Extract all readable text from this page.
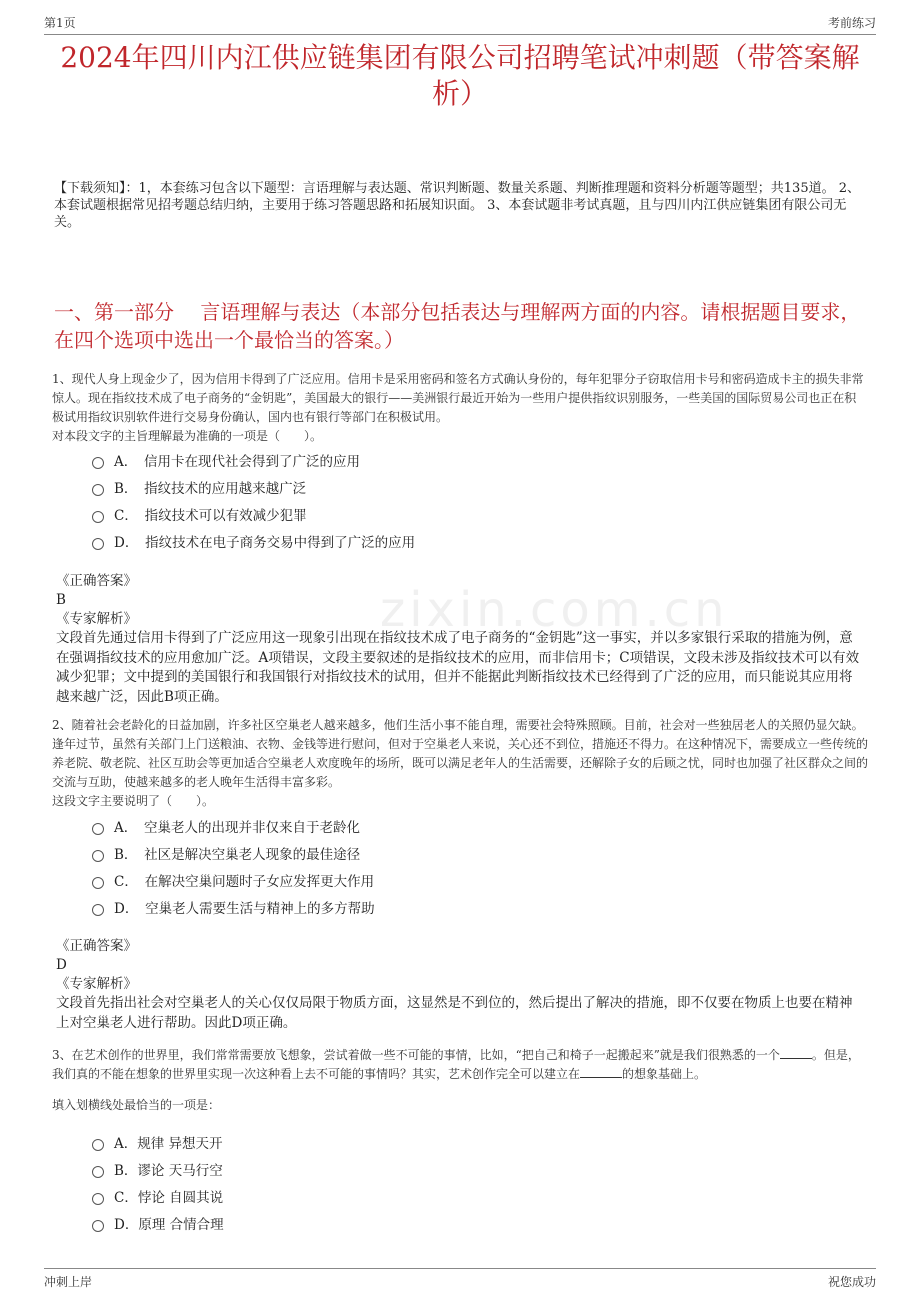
第1页	考前练习
2024年四川内江供应链集团有限公司招聘笔试冲刺题（带答案解析）
【下载须知】：1，本套练习包含以下题型：言语理解与表达题、常识判断题、数量关系题、判断推理题和资料分析题等题型；共135道。 2、本套试题根据常见招考题总结归纳，主要用于练习答题思路和拓展知识面。 3、本套试题非考试真题，且与四川内江供应链集团有限公司无关。
一、第一部分　 言语理解与表达（本部分包括表达与理解两方面的内容。请根据题目要求，在四个选项中选出一个最恰当的答案。）
zixin.com.cn
1、现代人身上现金少了，因为信用卡得到了广泛应用。信用卡是采用密码和签名方式确认身份的，每年犯罪分子窃取信用卡号和密码造成卡主的损失非常惊人。现在指纹技术成了电子商务的“金钥匙”，美国最大的银行——美洲银行最近开始为一些用户提供指纹识别服务，一些美国的国际贸易公司也正在积极试用指纹识别软件进行交易身份确认，国内也有银行等部门在积极试用。
对本段文字的主旨理解最为准确的一项是（　　）。
A．　信用卡在现代社会得到了广泛的应用
B．　指纹技术的应用越来越广泛
C．　指纹技术可以有效减少犯罪
D．　指纹技术在电子商务交易中得到了广泛的应用
《正确答案》
B
《专家解析》
文段首先通过信用卡得到了广泛应用这一现象引出现在指纹技术成了电子商务的“金钥匙”这一事实，并以多家银行采取的措施为例，意在强调指纹技术的应用愈加广泛。A项错误，文段主要叙述的是指纹技术的应用，而非信用卡；C项错误，文段未涉及指纹技术可以有效减少犯罪；文中提到的美国银行和我国银行对指纹技术的试用，但并不能据此判断指纹技术已经得到了广泛的应用，而只能说其应用将越来越广泛，因此B项正确。
2、随着社会老龄化的日益加剧，许多社区空巢老人越来越多，他们生活小事不能自理，需要社会特殊照顾。目前，社会对一些独居老人的关照仍显欠缺。逢年过节，虽然有关部门上门送粮油、衣物、金钱等进行慰问，但对于空巢老人来说，关心还不到位，措施还不得力。在这种情况下，需要成立一些传统的养老院、敬老院、社区互助会等更加适合空巢老人欢度晚年的场所，既可以满足老年人的生活需要，还解除子女的后顾之忧，同时也加强了社区群众之间的交流与互助，使越来越多的老人晚年生活得丰富多彩。
这段文字主要说明了（　　）。
A．　空巢老人的出现并非仅来自于老龄化
B．　社区是解决空巢老人现象的最佳途径
C．　在解决空巢问题时子女应发挥更大作用
D．　空巢老人需要生活与精神上的多方帮助
《正确答案》
D
《专家解析》
文段首先指出社会对空巢老人的关心仅仅局限于物质方面，这显然是不到位的，然后提出了解决的措施，即不仅要在物质上也要在精神上对空巢老人进行帮助。因此D项正确。
3、在艺术创作的世界里，我们常常需要放飞想象，尝试着做一些不可能的事情，比如，“把自己和椅子一起搬起来”就是我们很熟悉的一个	。但是，我们真的不能在想象的世界里实现一次这种看上去不可能的事情吗？其实，艺术创作完全可以建立在	的想象基础上。
填入划横线处最恰当的一项是：
A．规律 异想天开
B．谬论 天马行空
C．悖论 自圆其说
D．原理 合情合理
冲刺上岸	祝您成功
